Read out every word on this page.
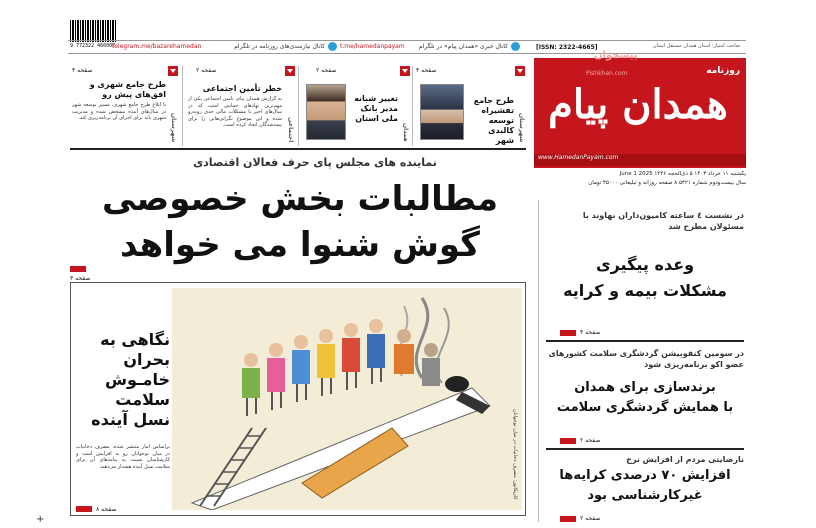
9 772322 466007	کانال خبری «همدان پیام» در تلگرام
t.me/hamedanpayam
کانال نیازمندی‌های روزنامه در تلگرام
telegram.me/bazarehamedan	[ISSN: 2322-4665]	صاحب امتیاز: استان همدان مستقل استان
روزنامه
پیشخوان
Pishkhan.com
همدان پیام
www.HamedanPayam.com
یکشنبه ۱۱ خرداد ۱۴۰۳ ۵ ذی‌الحجه ۱۴۴۶ 2025 June 1
سال بیست‌ودوم شماره ۵۴۲۱ ۸ صفحه روزانه و تبلیغاتی ۳۵۰۰۰ تومان
صفحه ۴
شهرستان
طرح جامع تفشیراه توسعه کالبدی شهر
صفحه ۲
همدان
تغییر شبانه مدیر بانک ملی استان
صفحه ۲
اجتماعی
خطر تأمین اجتماعی
به گزارش همدان پیام، تأمین اجتماعی یکی از مهم‌ترین نهادهای حمایتی است که در سال‌های اخیر با مشکلات مالی جدی روبه‌رو شده و این موضوع نگرانی‌هایی را برای بیمه‌شدگان ایجاد کرده است.
صفحه ۴
شهرستان
طرح جامع شهری و افق‌های پیش رو
با ابلاغ طرح جامع شهری، مسیر توسعه شهر در سال‌های آینده مشخص شده و مدیریت شهری باید برای اجرای آن برنامه‌ریزی کند.
نماینده های مجلس پای حرف فعالان اقتصادی
مطالبات بخش خصوصی
گوش شنوا می خواهد
صفحه ۳
کاریکاتور: مصرف دخانیات در میان نوجوانان
نگاهی به
بحران
خامـوش
سلامت
نسل آینده
براساس آمار منتشر شده، مصرف دخانیات در میان نوجوانان رو به افزایش است و کارشناسان نسبت به پیامدهای آن برای سلامت نسل آینده هشدار می‌دهند.
صفحه ۸
در نشست ٤ ساعته کامیون‌داران نهاوند با مسئولان مطرح شد
وعده پیگیری
مشکلات بیمه و کرایه
صفحه ۴
در سومین کنفوبیشن گردشگری سلامت کشورهای عضو اکو برنامه‌ریزی شود
برندسازی برای همدان
با همایش گردشگری سلامت
صفحه ۲
نارضایتی مردم از افزایش نرخ
افزایش ۷۰ درصدی کرایه‌ها
غیرکارشناسی بود
صفحه ۲
+
